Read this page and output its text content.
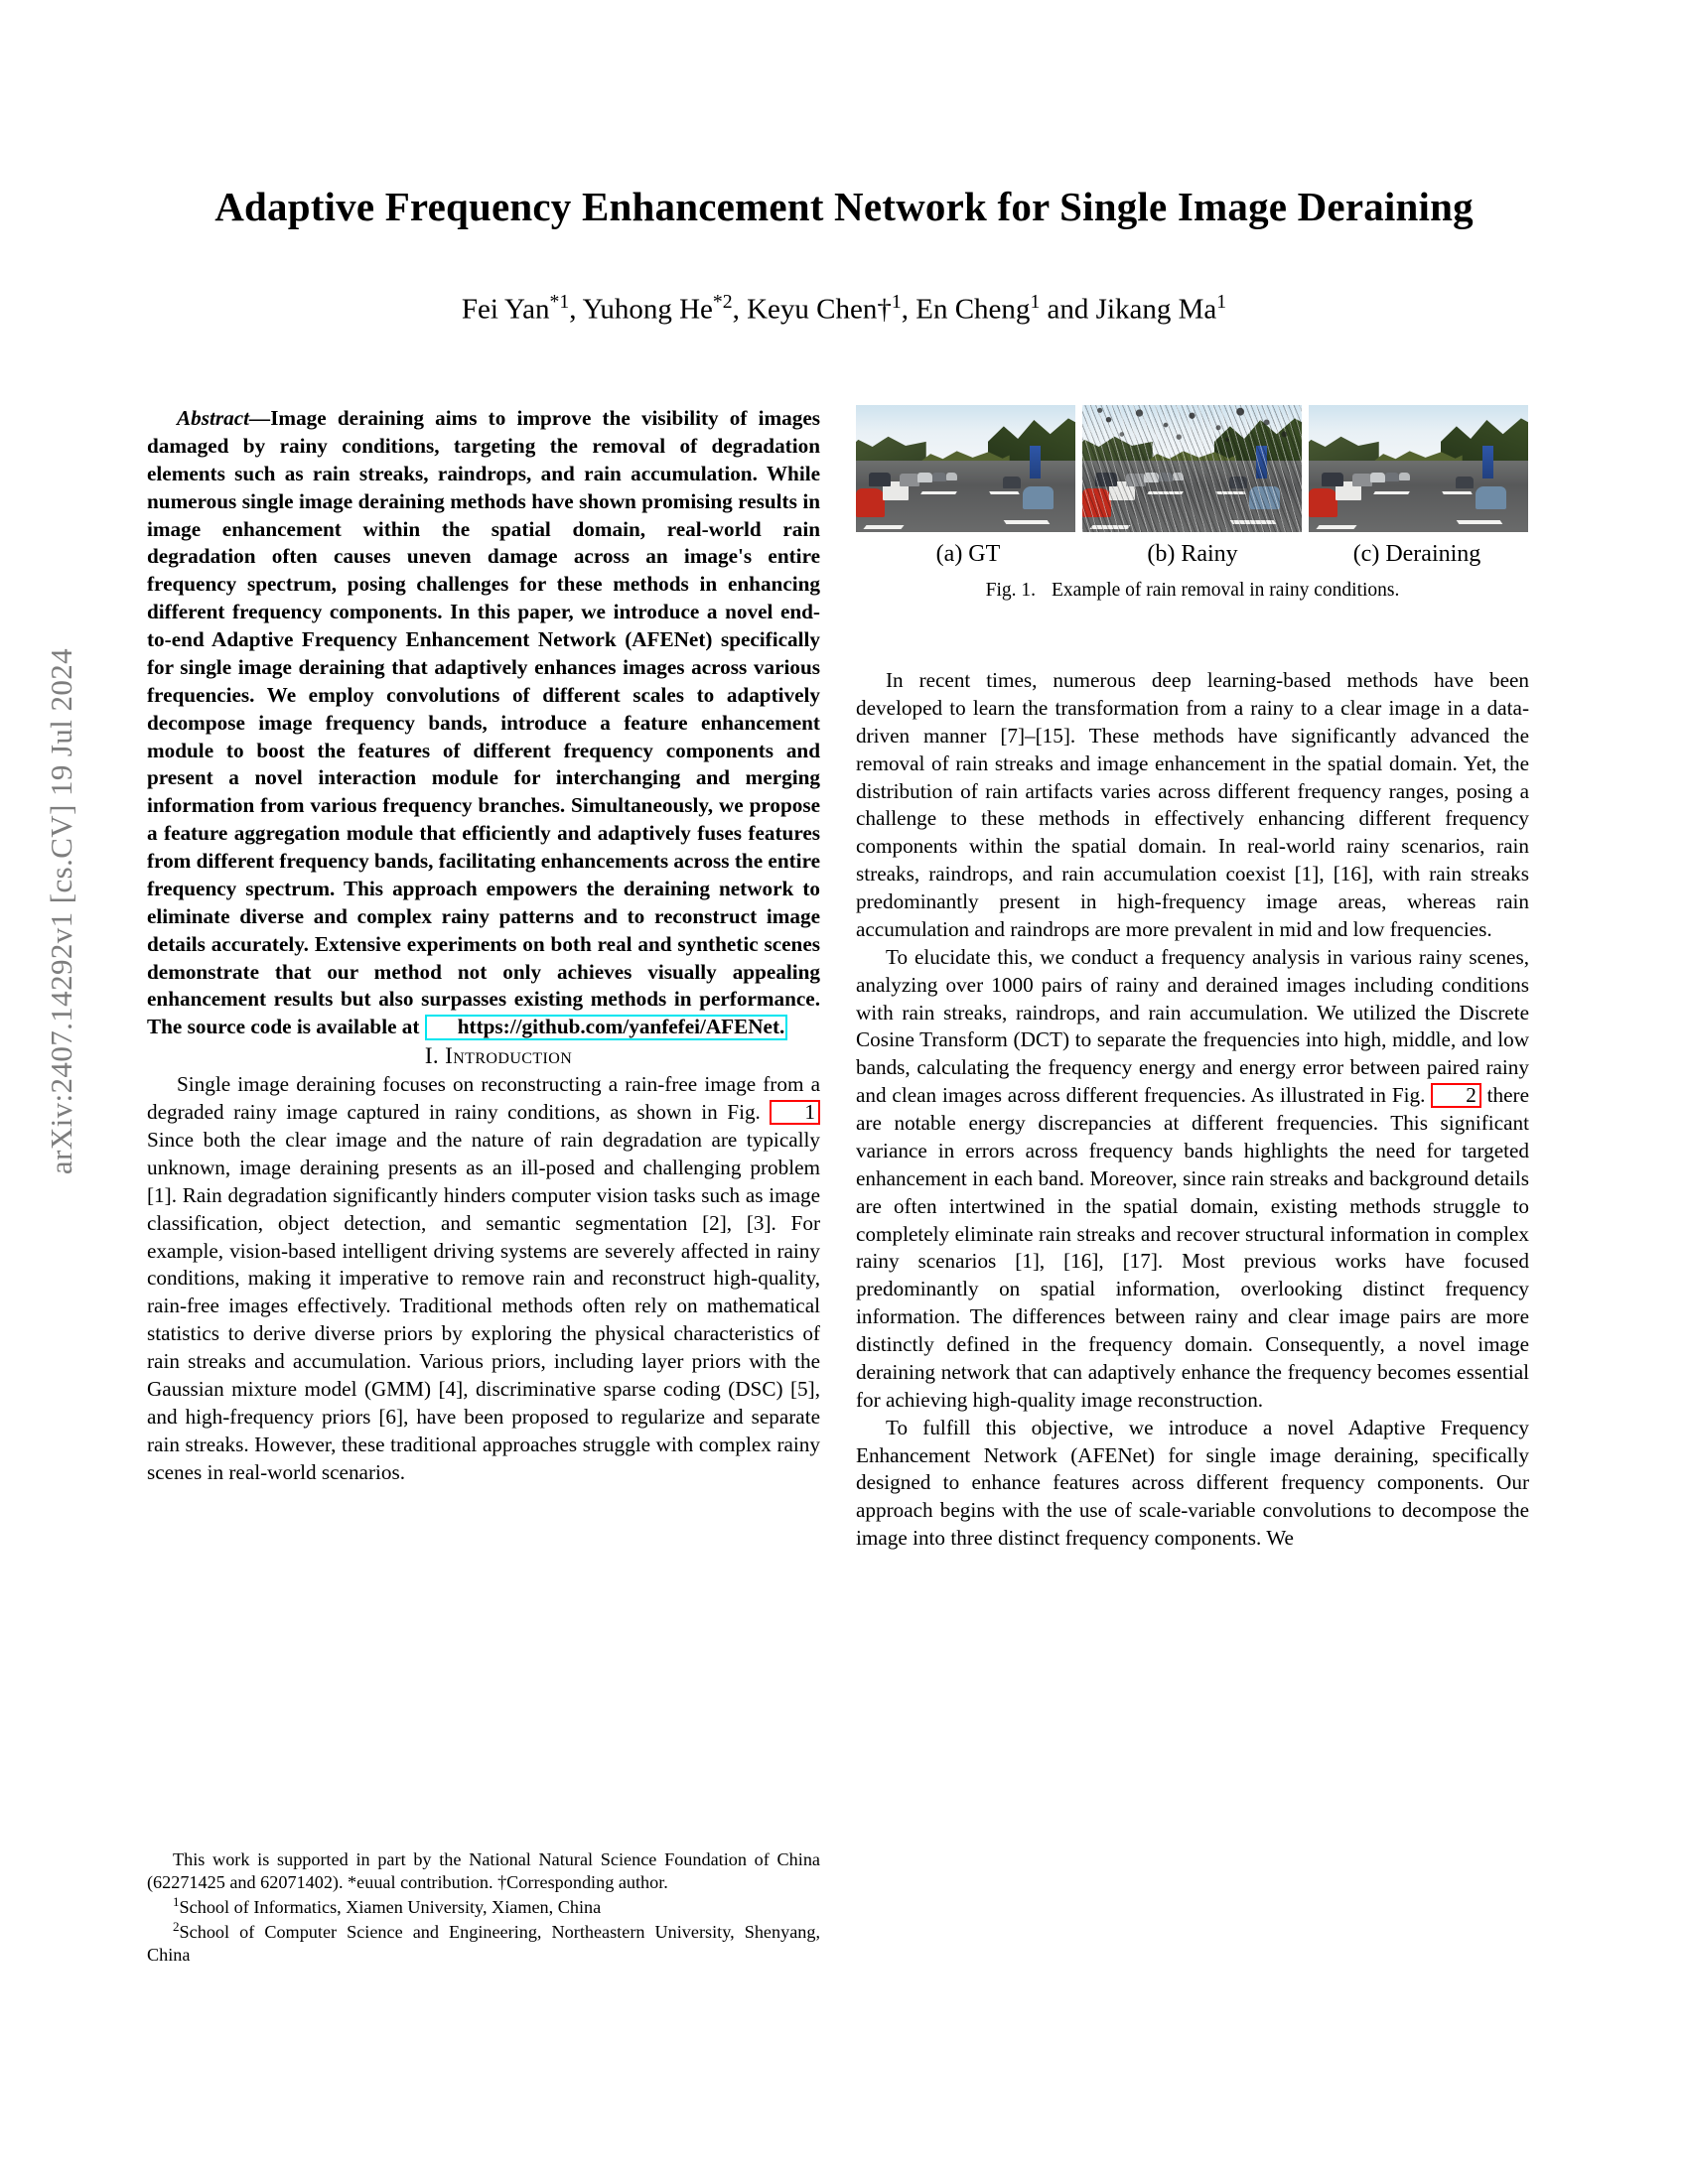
arXiv:2407.14292v1 [cs.CV] 19 Jul 2024
Adaptive Frequency Enhancement Network for Single Image Deraining
Fei Yan$^{*1}$, Yuhong He$^{*2}$, Keyu Chen†$^1$, En Cheng$^1$ and Jikang Ma$^1$

Abstract—Image deraining aims to improve the visibility of images damaged by rainy conditions, targeting the removal of degradation elements such as rain streaks, raindrops, and rain accumulation. While numerous single image deraining methods have shown promising results in image enhancement within the spatial domain, real-world rain degradation often causes uneven damage across an image's entire frequency spectrum, posing challenges for these methods in enhancing different frequency components. In this paper, we introduce a novel end-to-end Adaptive Frequency Enhancement Network (AFENet) specifically for single image deraining that adaptively enhances images across various frequencies. We employ convolutions of different scales to adaptively decompose image frequency bands, introduce a feature enhancement module to boost the features of different frequency components and present a novel interaction module for interchanging and merging information from various frequency branches. Simultaneously, we propose a feature aggregation module that efficiently and adaptively fuses features from different frequency bands, facilitating enhancements across the entire frequency spectrum. This approach empowers the deraining network to eliminate diverse and complex rainy patterns and to reconstruct image details accurately. Extensive experiments on both real and synthetic scenes demonstrate that our method not only achieves visually appealing enhancement results but also surpasses existing methods in performance. The source code is available at https://github.com/yanfefei/AFENet.

I. Introduction

Single image deraining focuses on reconstructing a rain-free image from a degraded rainy image captured in rainy conditions, as shown in Fig. 1 Since both the clear image and the nature of rain degradation are typically unknown, image deraining presents as an ill-posed and challenging problem [1]. Rain degradation significantly hinders computer vision tasks such as image classification, object detection, and semantic segmentation [2], [3]. For example, vision-based intelligent driving systems are severely affected in rainy conditions, making it imperative to remove rain and reconstruct high-quality, rain-free images effectively. Traditional methods often rely on mathematical statistics to derive diverse priors by exploring the physical characteristics of rain streaks and accumulation. Various priors, including layer priors with the Gaussian mixture model (GMM) [4], discriminative sparse coding (DSC) [5], and high-frequency priors [6], have been proposed to regularize and separate rain streaks. However, these traditional approaches struggle with complex rainy scenes in real-world scenarios.

This work is supported in part by the National Natural Science Foundation of China (62271425 and 62071402). *euual contribution. †Corresponding author.

$^1$School of Informatics, Xiamen University, Xiamen, China

$^2$School of Computer Science and Engineering, Northeastern University, Shenyang, China

(a) GT	(b) Rainy	(c) Deraining
Fig. 1. Example of rain removal in rainy conditions.

In recent times, numerous deep learning-based methods have been developed to learn the transformation from a rainy to a clear image in a data-driven manner [7]–[15]. These methods have significantly advanced the removal of rain streaks and image enhancement in the spatial domain. Yet, the distribution of rain artifacts varies across different frequency ranges, posing a challenge to these methods in effectively enhancing different frequency components within the spatial domain. In real-world rainy scenarios, rain streaks, raindrops, and rain accumulation coexist [1], [16], with rain streaks predominantly present in high-frequency image areas, whereas rain accumulation and raindrops are more prevalent in mid and low frequencies.

To elucidate this, we conduct a frequency analysis in various rainy scenes, analyzing over 1000 pairs of rainy and derained images including conditions with rain streaks, raindrops, and rain accumulation. We utilized the Discrete Cosine Transform (DCT) to separate the frequencies into high, middle, and low bands, calculating the frequency energy and energy error between paired rainy and clean images across different frequencies. As illustrated in Fig. 2 there are notable energy discrepancies at different frequencies. This significant variance in errors across frequency bands highlights the need for targeted enhancement in each band. Moreover, since rain streaks and background details are often intertwined in the spatial domain, existing methods struggle to completely eliminate rain streaks and recover structural information in complex rainy scenarios [1], [16], [17]. Most previous works have focused predominantly on spatial information, overlooking distinct frequency information. The differences between rainy and clear image pairs are more distinctly defined in the frequency domain. Consequently, a novel image deraining network that can adaptively enhance the frequency becomes essential for achieving high-quality image reconstruction.

To fulfill this objective, we introduce a novel Adaptive Frequency Enhancement Network (AFENet) for single image deraining, specifically designed to enhance features across different frequency components. Our approach begins with the use of scale-variable convolutions to decompose the image into three distinct frequency components. We
